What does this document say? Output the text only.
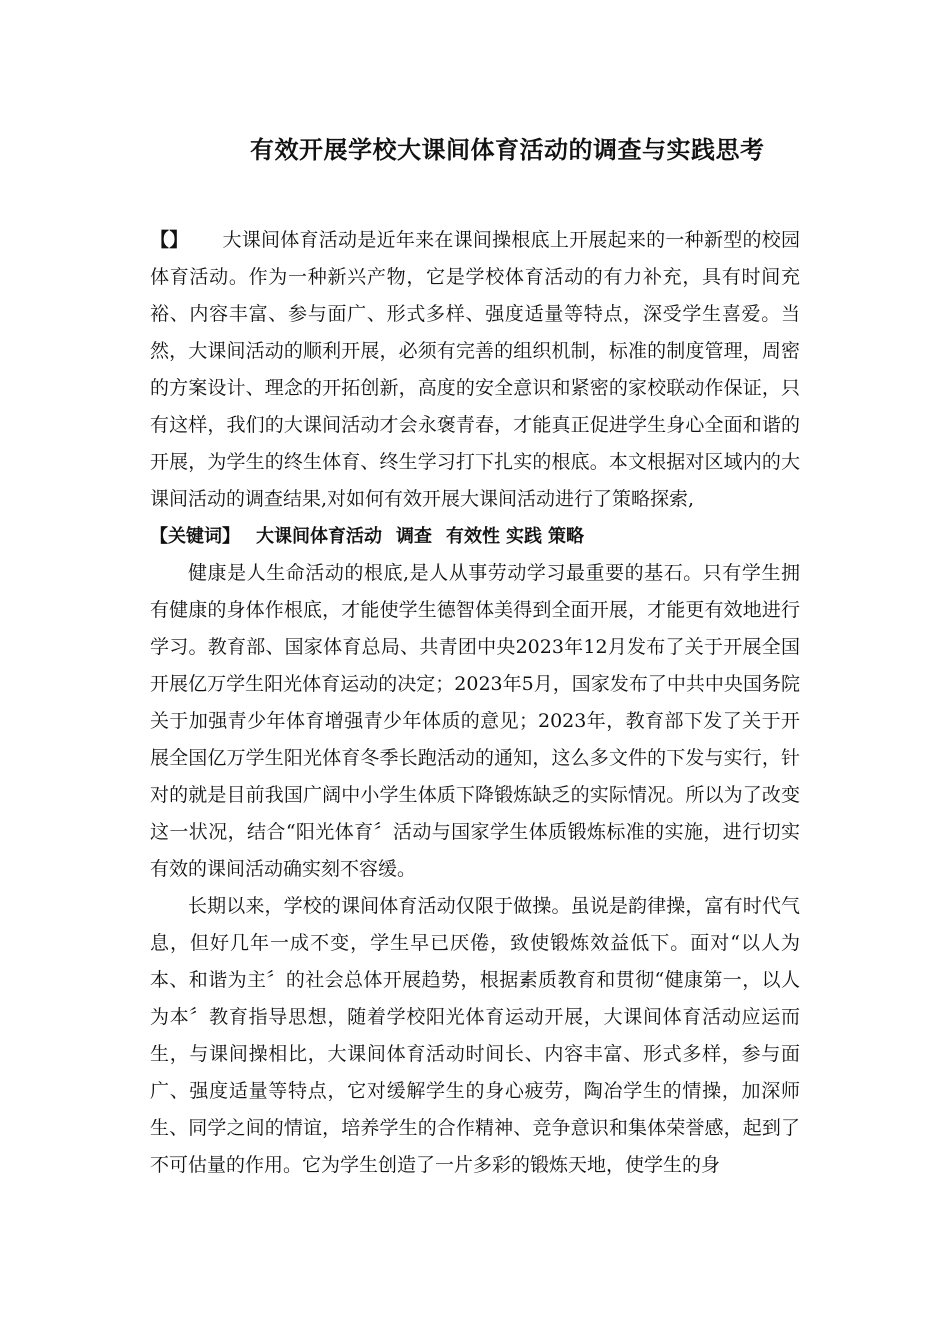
有效开展学校大课间体育活动的调查与实践思考

【】 大课间体育活动是近年来在课间操根底上开展起来的一种新型的校园体育活动。作为一种新兴产物，它是学校体育活动的有力补充，具有时间充裕、内容丰富、参与面广、形式多样、强度适量等特点，深受学生喜爱。当然，大课间活动的顺利开展，必须有完善的组织机制，标准的制度管理，周密的方案设计、理念的开拓创新，高度的安全意识和紧密的家校联动作保证，只有这样，我们的大课间活动才会永褒青春，才能真正促进学生身心全面和谐的开展，为学生的终生体育、终生学习打下扎实的根底。本文根据对区域内的大课间活动的调查结果,对如何有效开展大课间活动进行了策略探索,

【关键词】 大课间体育活动 调查 有效性 实践 策略

健康是人生命活动的根底,是人从事劳动学习最重要的基石。只有学生拥有健康的身体作根底，才能使学生德智体美得到全面开展，才能更有效地进行学习。教育部、国家体育总局、共青团中央2023年12月发布了关于开展全国开展亿万学生阳光体育运动的决定；2023年5月，国家发布了中共中央国务院关于加强青少年体育增强青少年体质的意见；2023年，教育部下发了关于开展全国亿万学生阳光体育冬季长跑活动的通知，这么多文件的下发与实行，针对的就是目前我国广阔中小学生体质下降锻炼缺乏的实际情况。所以为了改变这一状况，结合“阳光体育〞活动与国家学生体质锻炼标准的实施，进行切实有效的课间活动确实刻不容缓。

长期以来，学校的课间体育活动仅限于做操。虽说是韵律操，富有时代气息，但好几年一成不变，学生早已厌倦，致使锻炼效益低下。面对“以人为本、和谐为主〞的社会总体开展趋势，根据素质教育和贯彻“健康第一，以人为本〞教育指导思想，随着学校阳光体育运动开展，大课间体育活动应运而生，与课间操相比，大课间体育活动时间长、内容丰富、形式多样，参与面广、强度适量等特点，它对缓解学生的身心疲劳，陶冶学生的情操，加深师生、同学之间的情谊，培养学生的合作精神、竞争意识和集体荣誉感，起到了不可估量的作用。它为学生创造了一片多彩的锻炼天地，使学生的身
